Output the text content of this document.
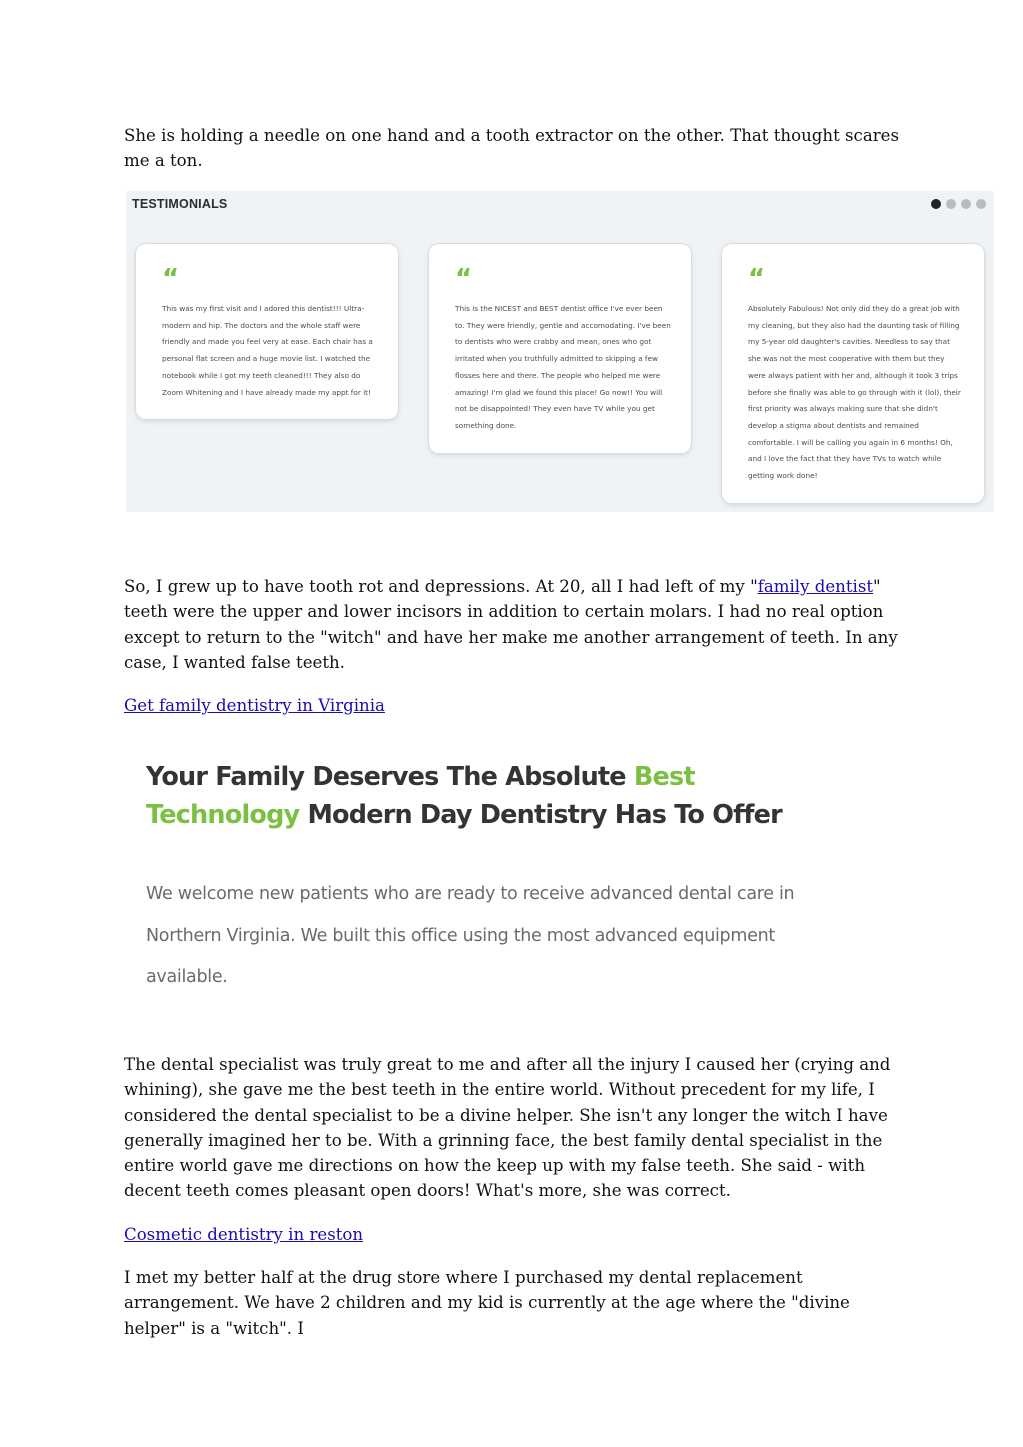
She is holding a needle on one hand and a tooth extractor on the other. That thought scares me a ton.

TESTIMONIALS
“
This was my first visit and I adored this dentist!!! Ultra-modern and hip. The doctors and the whole staff were friendly and made you feel very at ease. Each chair has a personal flat screen and a huge movie list. I watched the notebook while I got my teeth cleaned!!! They also do Zoom Whitening and I have already made my appt for it!
“
This is the NICEST and BEST dentist office I've ever been to. They were friendly, gentle and accomodating. I've been to dentists who were crabby and mean, ones who got irritated when you truthfully admitted to skipping a few flosses here and there. The people who helped me were amazing! I'm glad we found this place! Go now!! You will not be disappointed! They even have TV while you get something done.
“
Absolutely Fabulous! Not only did they do a great job with my cleaning, but they also had the daunting task of filling my 5-year old daughter's cavities. Needless to say that she was not the most cooperative with them but they were always patient with her and, although it took 3 trips before she finally was able to go through with it (lol), their first priority was always making sure that she didn't develop a stigma about dentists and remained comfortable. I will be calling you again in 6 months! Oh, and I love the fact that they have TVs to watch while getting work done!

So, I grew up to have tooth rot and depressions. At 20, all I had left of my "family dentist" teeth were the upper and lower incisors in addition to certain molars. I had no real option except to return to the "witch" and have her make me another arrangement of teeth. In any case, I wanted false teeth.

Get family dentistry in Virginia
Your Family Deserves The Absolute Best Technology Modern Day Dentistry Has To Offer

We welcome new patients who are ready to receive advanced dental care in Northern Virginia. We built this office using the most advanced equipment available.

The dental specialist was truly great to me and after all the injury I caused her (crying and whining), she gave me the best teeth in the entire world. Without precedent for my life, I considered the dental specialist to be a divine helper. She isn't any longer the witch I have generally imagined her to be. With a grinning face, the best family dental specialist in the entire world gave me directions on how the keep up with my false teeth. She said - with decent teeth comes pleasant open doors! What's more, she was correct.

Cosmetic dentistry in reston

I met my better half at the drug store where I purchased my dental replacement arrangement. We have 2 children and my kid is currently at the age where the "divine helper" is a "witch". I
